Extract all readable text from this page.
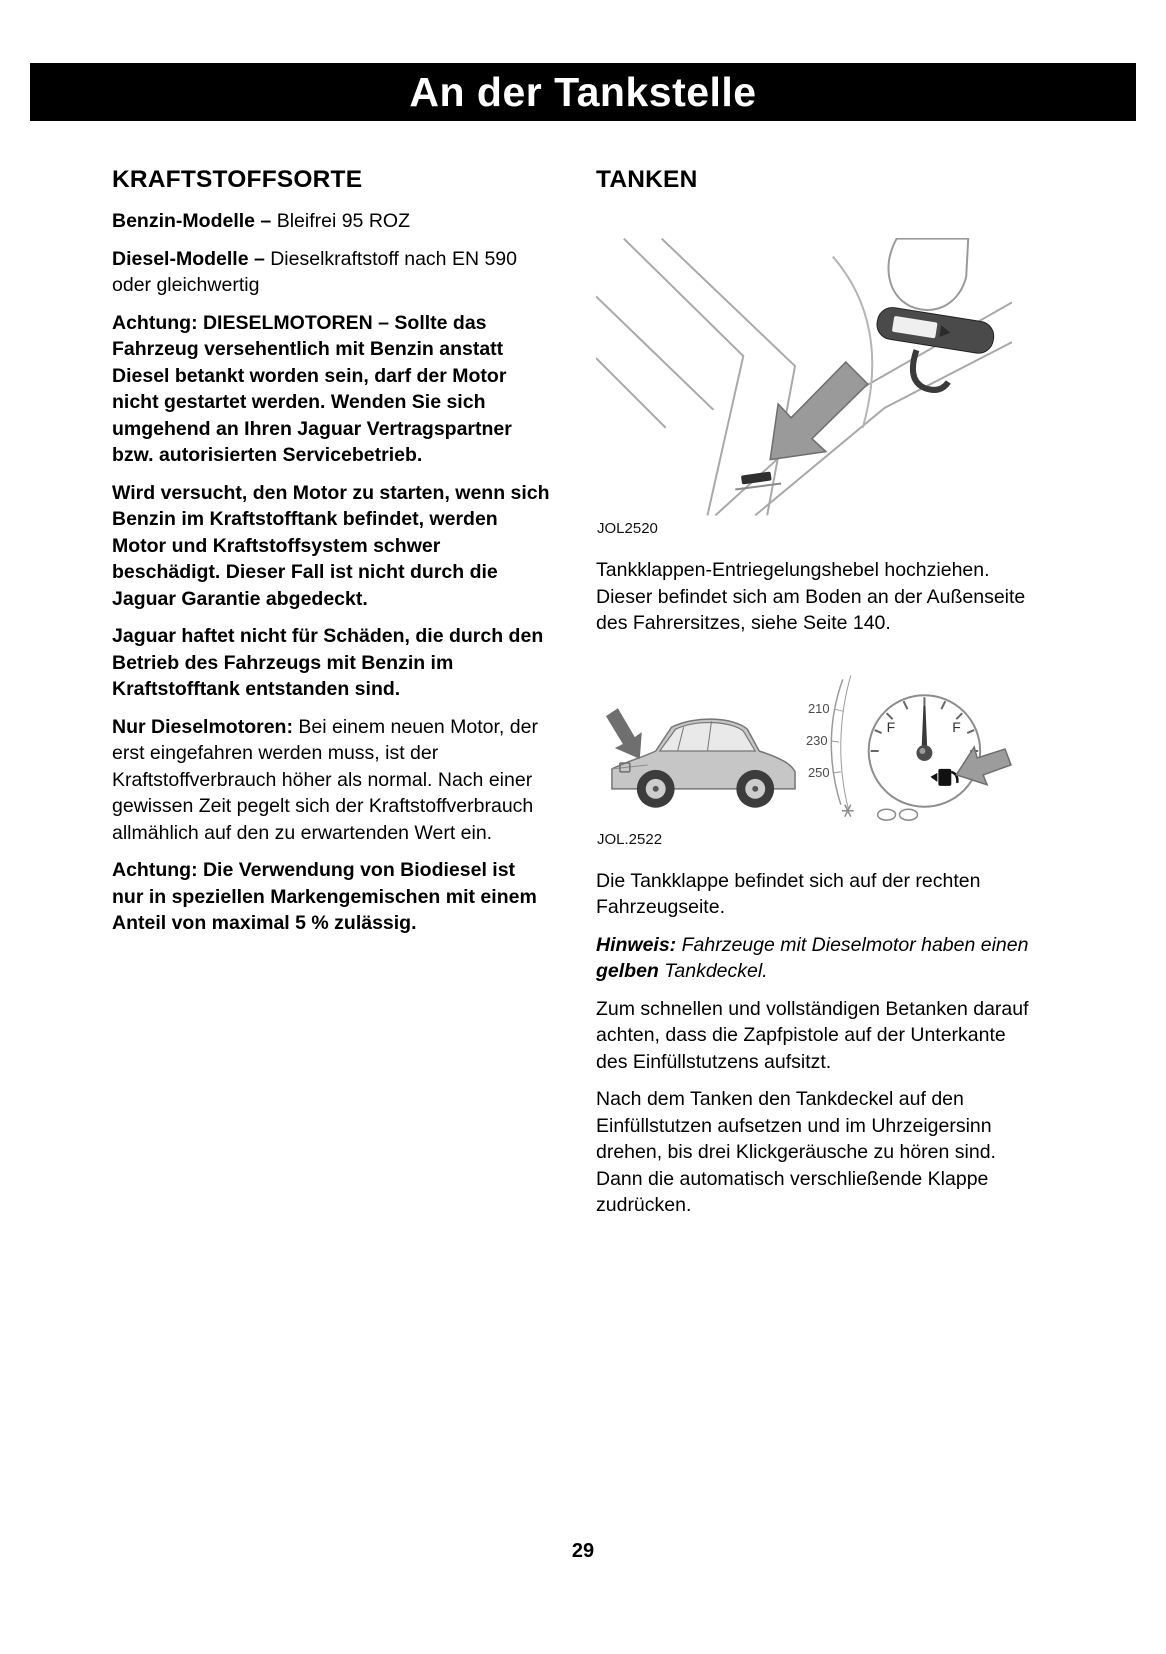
An der Tankstelle
KRAFTSTOFFSORTE

Benzin-Modelle – Bleifrei 95 ROZ

Diesel-Modelle – Dieselkraftstoff nach EN 590 oder gleichwertig

Achtung: DIESELMOTOREN – Sollte das Fahrzeug versehentlich mit Benzin anstatt Diesel betankt worden sein, darf der Motor nicht gestartet werden. Wenden Sie sich umgehend an Ihren Jaguar Vertragspartner bzw. autorisierten Servicebetrieb.

Wird versucht, den Motor zu starten, wenn sich Benzin im Kraftstofftank befindet, werden Motor und Kraftstoffsystem schwer beschädigt. Dieser Fall ist nicht durch die Jaguar Garantie abgedeckt.

Jaguar haftet nicht für Schäden, die durch den Betrieb des Fahrzeugs mit Benzin im Kraftstofftank entstanden sind.

Nur Dieselmotoren: Bei einem neuen Motor, der erst eingefahren werden muss, ist der Kraftstoffverbrauch höher als normal. Nach einer gewissen Zeit pegelt sich der Kraftstoffverbrauch allmählich auf den zu erwartenden Wert ein.

Achtung: Die Verwendung von Biodiesel ist nur in speziellen Markengemischen mit einem Anteil von maximal 5 % zulässig.

TANKEN
JOL2520

Tankklappen-Entriegelungshebel hochziehen. Dieser befindet sich am Boden an der Außenseite des Fahrersitzes, siehe Seite 140.

210
230
250
F	F
JOL.2522

Die Tankklappe befindet sich auf der rechten Fahrzeugseite.

Hinweis: Fahrzeuge mit Dieselmotor haben einen gelben Tankdeckel.

Zum schnellen und vollständigen Betanken darauf achten, dass die Zapfpistole auf der Unterkante des Einfüllstutzens aufsitzt.

Nach dem Tanken den Tankdeckel auf den Einfüllstutzen aufsetzen und im Uhrzeigersinn drehen, bis drei Klickgeräusche zu hören sind. Dann die automatisch verschließende Klappe zudrücken.

29
